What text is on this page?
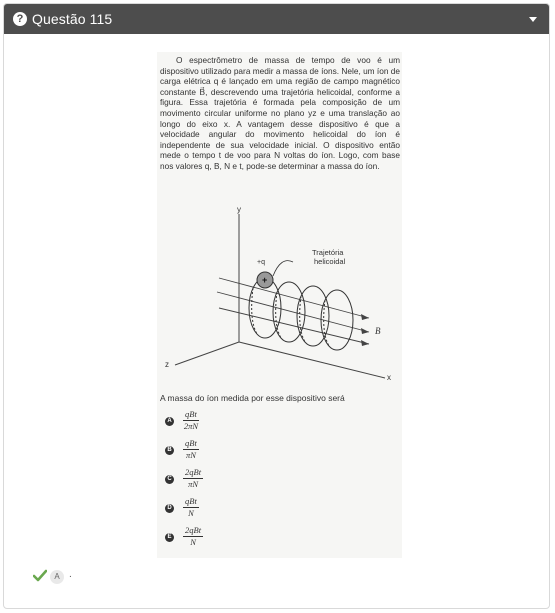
? Questão 115

O espectrômetro de massa de tempo de voo é um dispositivo utilizado para medir a massa de íons. Nele, um íon de carga elétrica q é lançado em uma região de campo magnético constante B⃗, descrevendo uma trajetória helicoidal, conforme a figura. Essa trajetória é formada pela composição de um movimento circular uniforme no plano yz e uma translação ao longo do eixo x. A vantagem desse dispositivo é que a velocidade angular do movimento helicoidal do íon é independente de sua velocidade inicial. O dispositivo então mede o tempo t de voo para N voltas do íon. Logo, com base nos valores q, B, N e t, pode-se determinar a massa do íon.

y
z
x
B⃗
+
+q
Trajetória
helicoidal
A massa do íon medida por esse dispositivo será
A
qBt
2πN
B
qBt
πN
C
2qBt
πN
D
qBt
N
E
2qBt
N
A .
